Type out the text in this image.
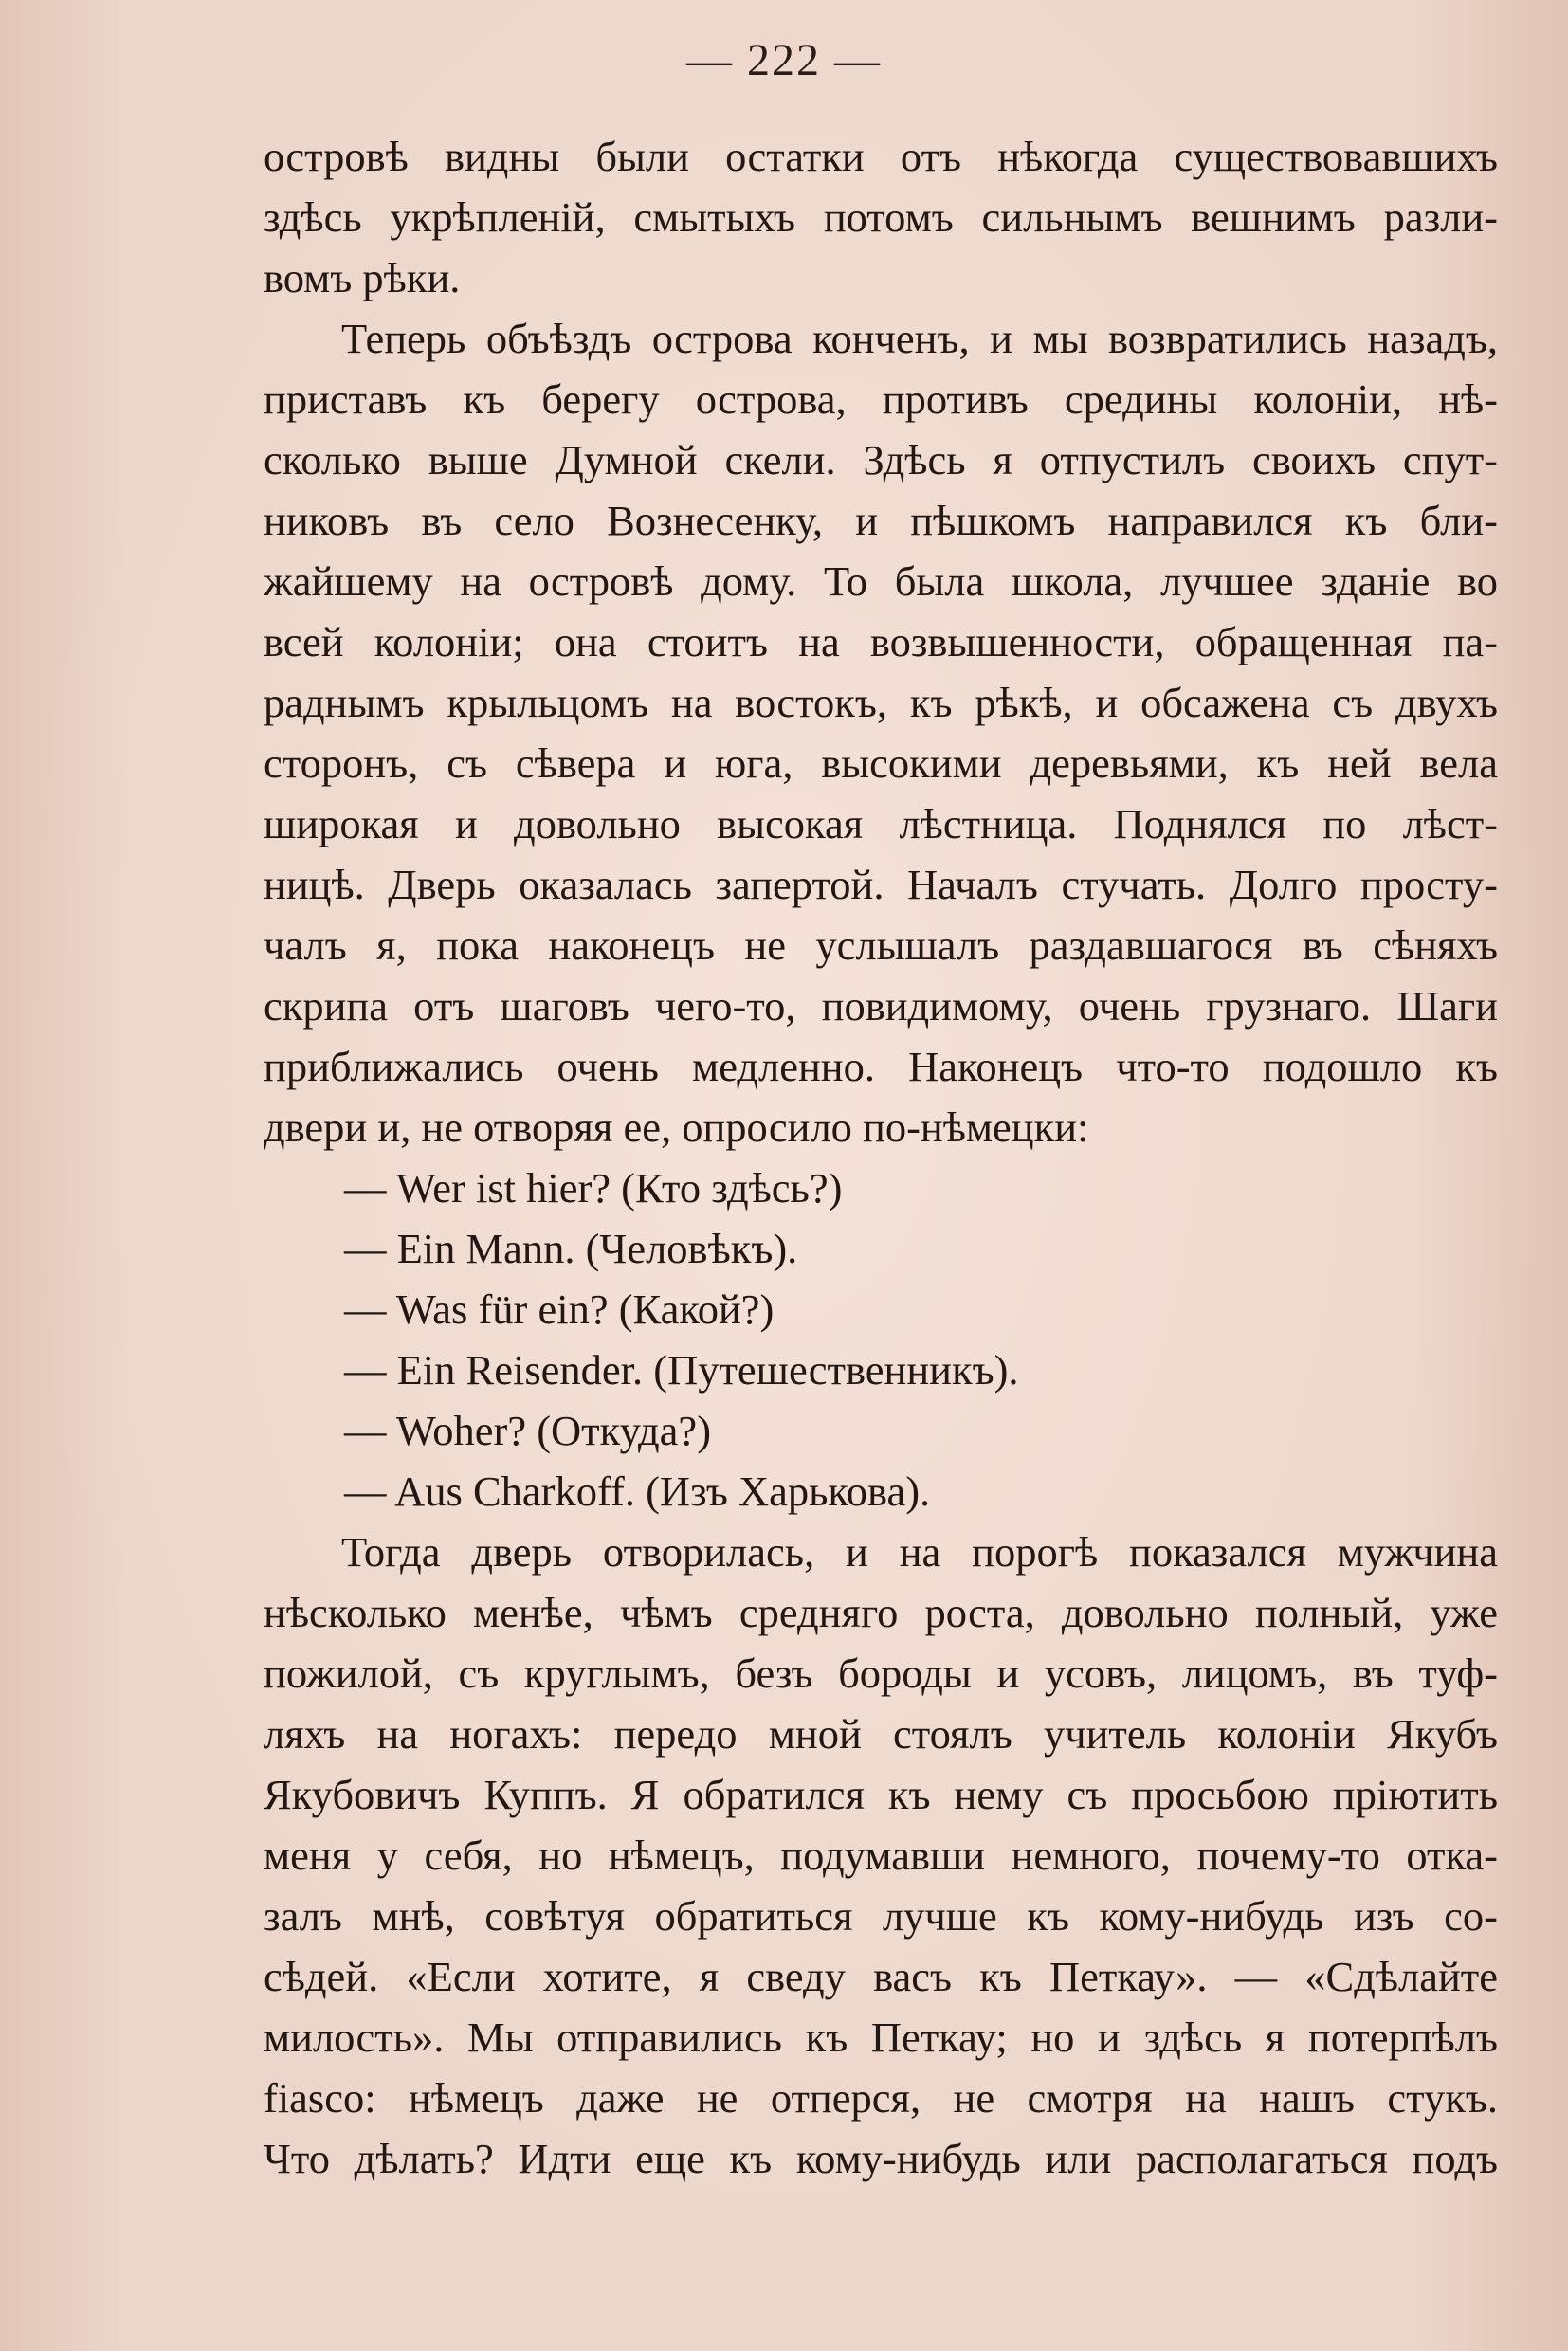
— 222 —
островѣ видны были остатки отъ нѣкогда существовавшихъ
здѣсь укрѣпленій, смытыхъ потомъ сильнымъ вешнимъ разли-
вомъ рѣки.
Теперь объѣздъ острова конченъ, и мы возвратились назадъ,
приставъ къ берегу острова, противъ средины колоніи, нѣ-
сколько выше Думной скели. Здѣсь я отпустилъ своихъ спут-
никовъ въ село Вознесенку, и пѣшкомъ направился къ бли-
жайшему на островѣ дому. То была школа, лучшее зданіе во
всей колоніи; она стоитъ на возвышенности, обращенная па-
раднымъ крыльцомъ на востокъ, къ рѣкѣ, и обсажена съ двухъ
сторонъ, съ сѣвера и юга, высокими деревьями, къ ней вела
широкая и довольно высокая лѣстница. Поднялся по лѣст-
ницѣ. Дверь оказалась запертой. Началъ стучать. Долго просту-
чалъ я, пока наконецъ не услышалъ раздавшагося въ сѣняхъ
скрипа отъ шаговъ чего-то, повидимому, очень грузнаго. Шаги
приближались очень медленно. Наконецъ что-то подошло къ
двери и, не отворяя ее, опросило по-нѣмецки:
— Wer ist hier? (Кто здѣсь?)
— Ein Mann. (Человѣкъ).
— Was für ein? (Какой?)
— Ein Reisender. (Путешественникъ).
— Woher? (Откуда?)
— Aus Charkoff. (Изъ Харькова).
Тогда дверь отворилась, и на порогѣ показался мужчина
нѣсколько менѣе, чѣмъ средняго роста, довольно полный, уже
пожилой, съ круглымъ, безъ бороды и усовъ, лицомъ, въ туф-
ляхъ на ногахъ: передо мной стоялъ учитель колоніи Якубъ
Якубовичъ Куппъ. Я обратился къ нему съ просьбою пріютить
меня у себя, но нѣмецъ, подумавши немного, почему-то отка-
залъ мнѣ, совѣтуя обратиться лучше къ кому-нибудь изъ со-
сѣдей. «Если хотите, я сведу васъ къ Петкау». — «Сдѣлайте
милость». Мы отправились къ Петкау; но и здѣсь я потерпѣлъ
fiasco: нѣмецъ даже не отперся, не смотря на нашъ стукъ.
Что дѣлать? Идти еще къ кому-нибудь или располагаться подъ
